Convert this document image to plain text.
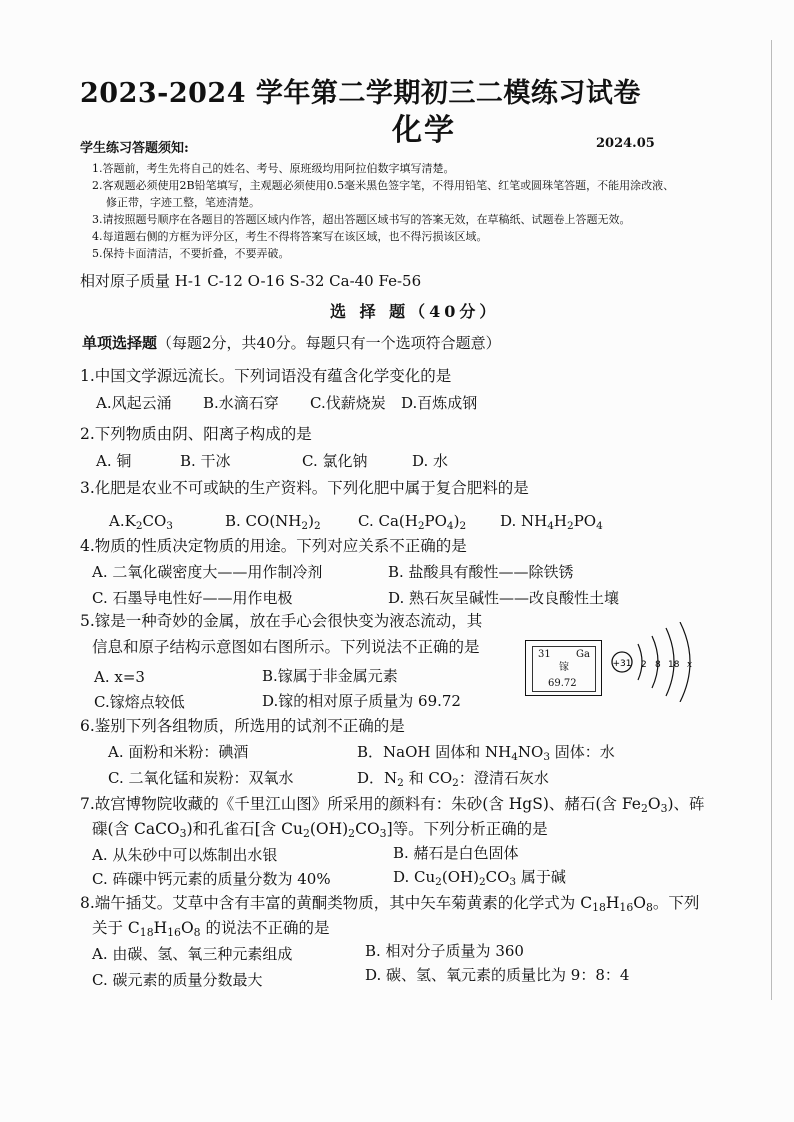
2023-2024 学年第二学期初三二模练习试卷
化学	2024.05
学生练习答题须知:
1.答题前，考生先将自己的姓名、考号、原班级均用阿拉伯数字填写清楚。
2.客观题必须使用2B铅笔填写，主观题必须使用0.5毫米黑色签字笔，不得用铅笔、红笔或圆珠笔答题，不能用涂改液、
修正带，字迹工整，笔迹清楚。
3.请按照题号顺序在各题目的答题区域内作答，超出答题区域书写的答案无效，在草稿纸、试题卷上答题无效。
4.每道题右侧的方框为评分区，考生不得将答案写在该区域，也不得污损该区域。
5.保持卡面清洁，不要折叠，不要弄破。
相对原子质量 H-1 C-12 O-16 S-32 Ca-40 Fe-56
选 择 题（40分）
单项选择题（每题2分，共40分。每题只有一个选项符合题意）
1.中国文学源远流长。下列词语没有蕴含化学变化的是
A.风起云涌 B.水滴石穿 C.伐薪烧炭 D.百炼成钢
2.下列物质由阴、阳离子构成的是
A. 铜	B. 干冰	C. 氯化钠	D. 水
3.化肥是农业不可或缺的生产资料。下列化肥中属于复合肥料的是
$A.K_2CO_3$	B. $CO(NH_2)_2$ C. $Ca(H_2PO_4)_2$ D. $NH_4H_2PO_4$
4.物质的性质决定物质的用途。下列对应关系不正确的是
A. 二氧化碳密度大——用作制冷剂	B. 盐酸具有酸性——除铁锈
C. 石墨导电性好——用作电极	D. 熟石灰呈碱性——改良酸性土壤
5.镓是一种奇妙的金属，放在手心会很快变为液态流动，其
信息和原子结构示意图如右图所示。下列说法不正确的是
A. x=3	B.镓属于非金属元素
C.镓熔点较低	D.镓的相对原子质量为 69.72
31	Ga
镓
69.72
+31 2 8 18 x
6.鉴别下列各组物质，所选用的试剂不正确的是
A. 面粉和米粉：碘酒	B．NaOH 固体和 $NH_4NO_3$ 固体：水
C. 二氧化锰和炭粉：双氧水	D．$N_2$ 和 $CO_2$：澄清石灰水
7.故宫博物院收藏的《千里江山图》所采用的颜料有：朱砂(含 HgS)、赭石(含 $Fe_2O_3$)、砗
磲(含 CaCO$_3$)和孔雀石[含 $Cu_2(OH)_2CO_3$]等。下列分析正确的是
A. 从朱砂中可以炼制出水银	B. 赭石是白色固体
C. 砗磲中钙元素的质量分数为 40%	D. $Cu_2(OH)_2CO_3$ 属于碱
8.端午插艾。艾草中含有丰富的黄酮类物质，其中矢车菊黄素的化学式为 $C_{18}H_{16}O_8$。下列
关于 $C_{18}H_{16}O_8$ 的说法不正确的是
A. 由碳、氢、氧三种元素组成	B. 相对分子质量为 360
C. 碳元素的质量分数最大	D. 碳、氢、氧元素的质量比为 9：8：4
